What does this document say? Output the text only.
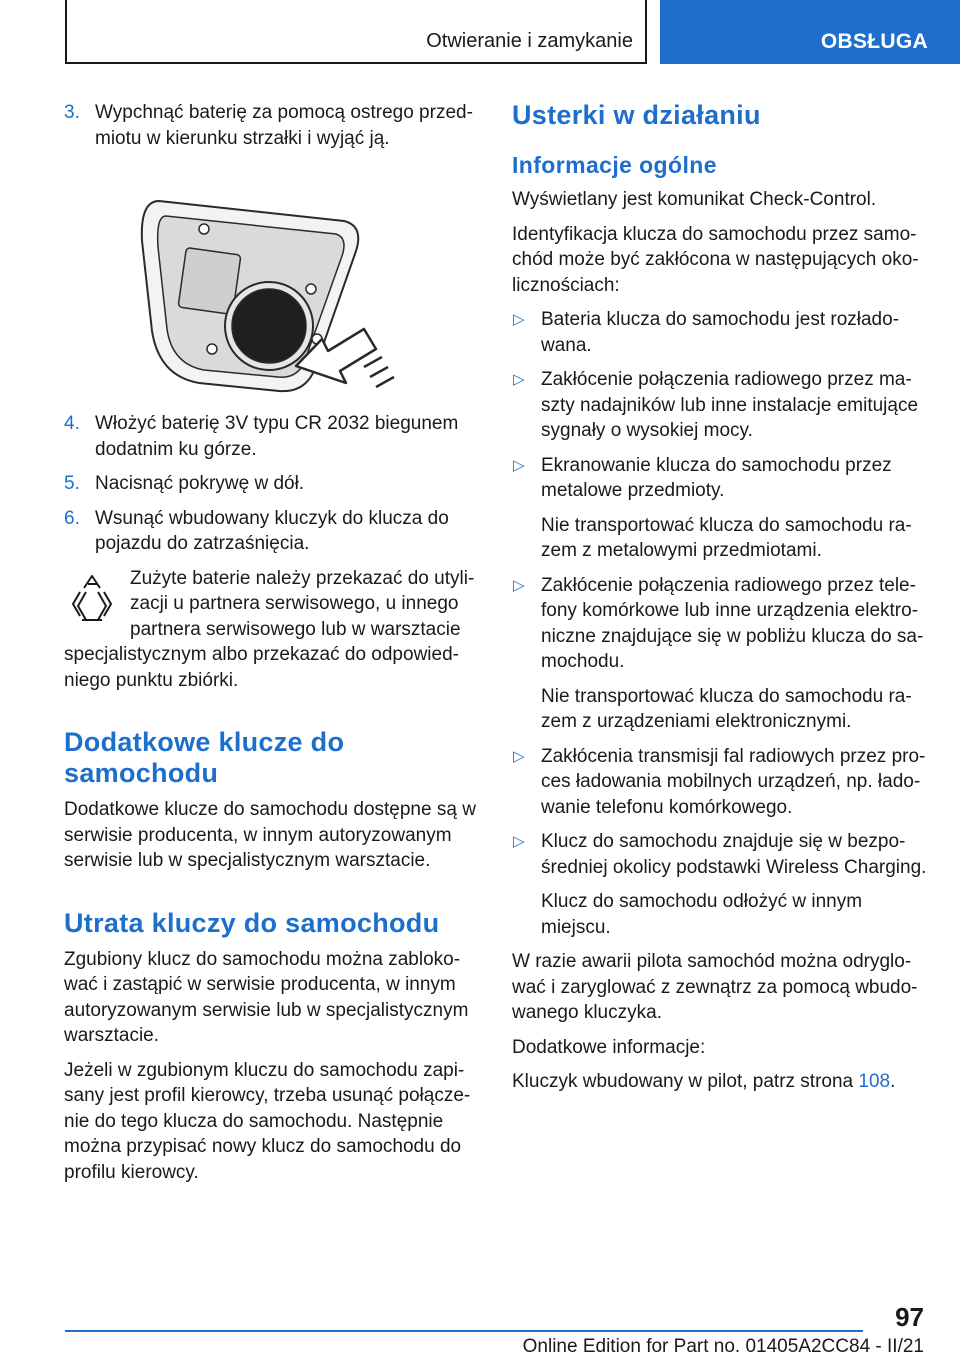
Otwieranie i zamykanie	OBSŁUGA
3. Wypchnąć baterię za pomocą ostrego przed-miotu w kierunku strzałki i wyjąć ją.
4. Włożyć baterię 3V typu CR 2032 biegunem dodatnim ku górze.
5. Nacisnąć pokrywę w dół.
6. Wsunąć wbudowany kluczyk do klucza do pojazdu do zatrzaśnięcia.
Zużyte baterie należy przekazać do utyli-zacji u partnera serwisowego, u innego partnera serwisowego lub w warsztacie specjalistycznym albo przekazać do odpowied-niego punktu zbiórki.
Dodatkowe klucze do samochodu

Dodatkowe klucze do samochodu dostępne są w serwisie producenta, w innym autoryzowanym serwisie lub w specjalistycznym warsztacie.

Utrata kluczy do samochodu

Zgubiony klucz do samochodu można zabloko-wać i zastąpić w serwisie producenta, w innym autoryzowanym serwisie lub w specjalistycznym warsztacie.

Jeżeli w zgubionym kluczu do samochodu zapi-sany jest profil kierowcy, trzeba usunąć połącze-nie do tego klucza do samochodu. Następnie można przypisać nowy klucz do samochodu do profilu kierowcy.

Usterki w działaniu
Informacje ogólne

Wyświetlany jest komunikat Check-Control.

Identyfikacja klucza do samochodu przez samo-chód może być zakłócona w następujących oko-licznościach:

▷ Bateria klucza do samochodu jest rozłado-wana.
▷ Zakłócenie połączenia radiowego przez ma-szty nadajników lub inne instalacje emitujące sygnały o wysokiej mocy.
▷ Ekranowanie klucza do samochodu przez metalowe przedmioty.
Nie transportować klucza do samochodu ra-zem z metalowymi przedmiotami.
▷ Zakłócenie połączenia radiowego przez tele-fony komórkowe lub inne urządzenia elektro-niczne znajdujące się w pobliżu klucza do sa-mochodu.
Nie transportować klucza do samochodu ra-zem z urządzeniami elektronicznymi.
▷ Zakłócenia transmisji fal radiowych przez pro-ces ładowania mobilnych urządzeń, np. łado-wanie telefonu komórkowego.
▷ Klucz do samochodu znajduje się w bezpo-średniej okolicy podstawki Wireless Charging.
Klucz do samochodu odłożyć w innym miejscu.

W razie awarii pilota samochód można odryglo-wać i zaryglować z zewnątrz za pomocą wbudo-wanego kluczyka.

Dodatkowe informacje:

Kluczyk wbudowany w pilot, patrz strona 108.

97
Online Edition for Part no. 01405A2CC84 - II/21
